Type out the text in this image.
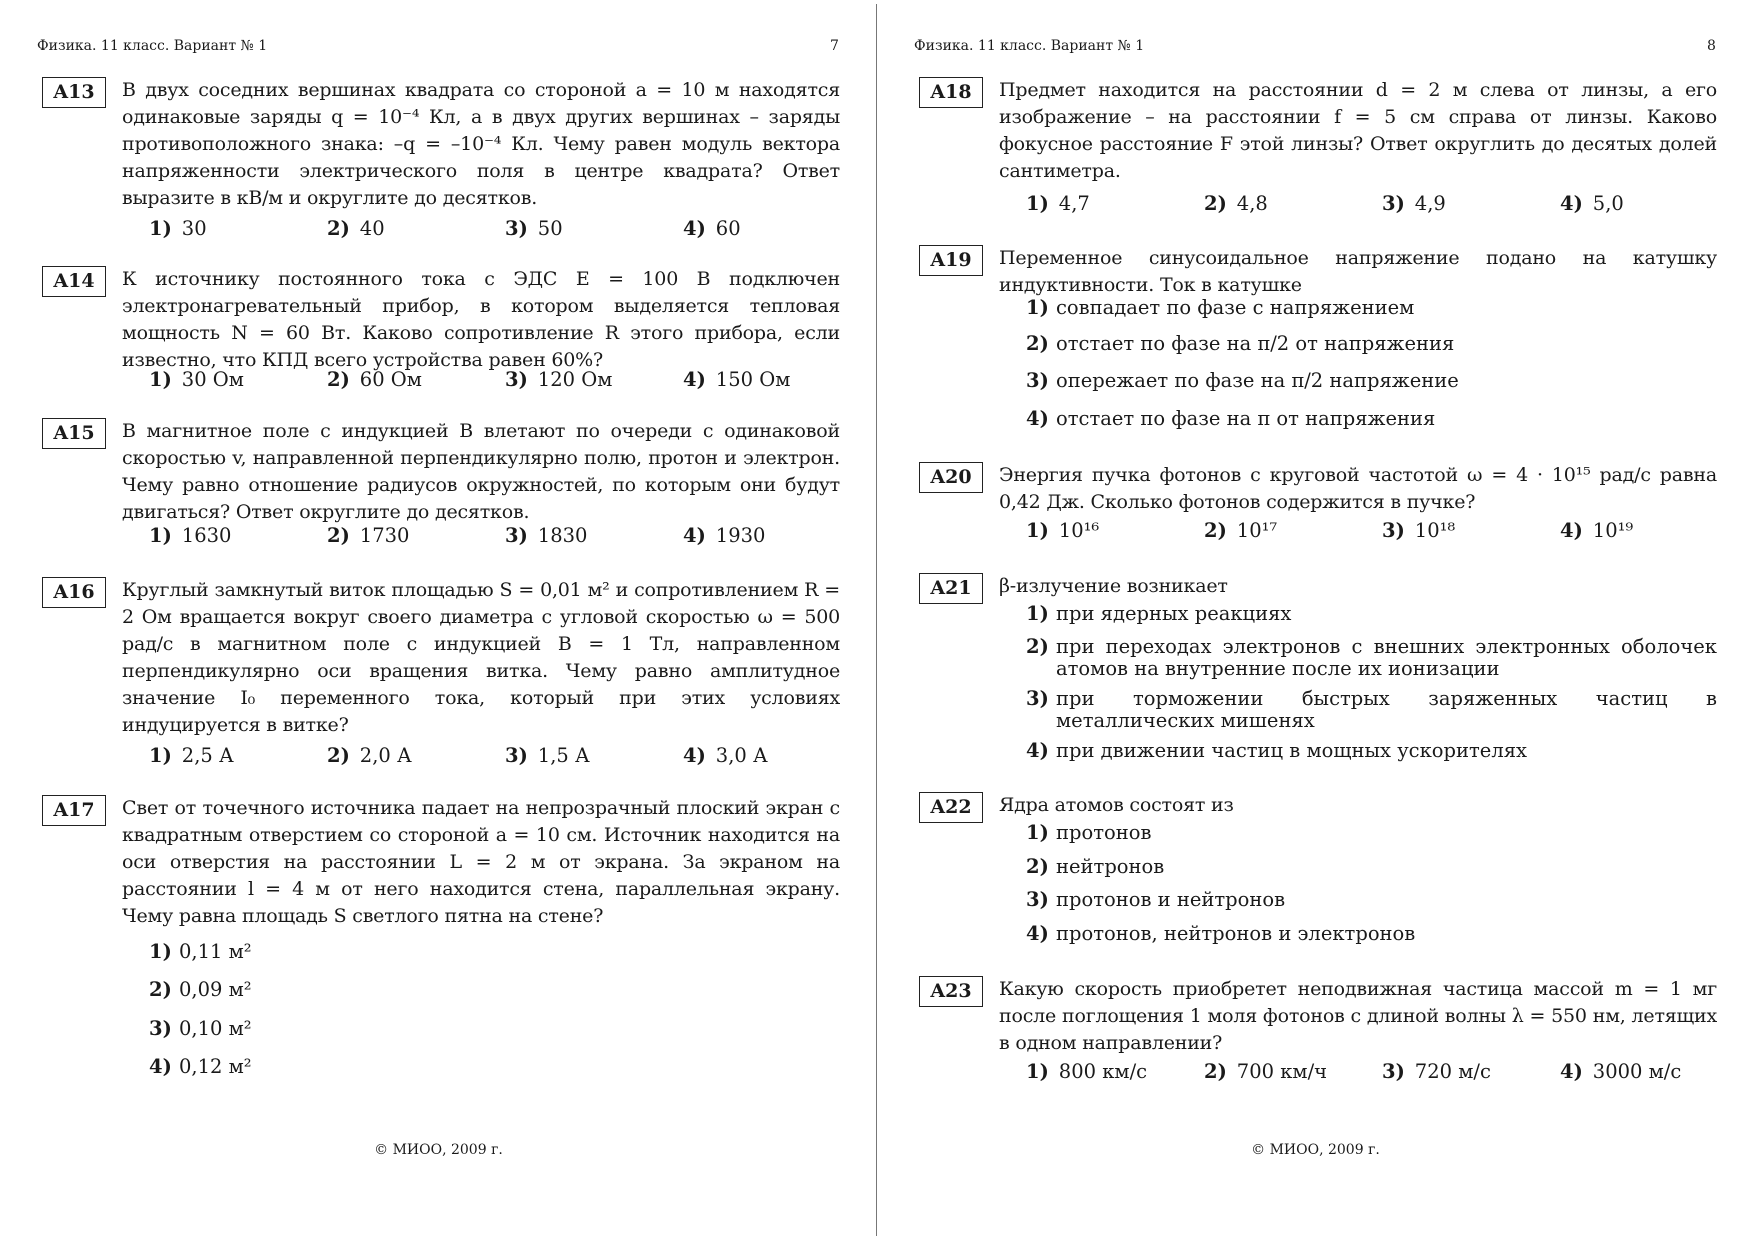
Физика. 11 класс. Вариант № 1	7
A13	В двух соседних вершинах квадрата со стороной a = 10 м находятся одинаковые заряды q = 10⁻⁴ Кл, а в двух других вершинах – заряды противоположного знака: –q = –10⁻⁴ Кл. Чему равен модуль вектора напряженности электрического поля в центре квадрата? Ответ выразите в кВ/м и округлите до десятков.
1) 30	2) 40	3) 50	4) 60
A14	К источнику постоянного тока с ЭДС Ε = 100 В подключен электронагревательный прибор, в котором выделяется тепловая мощность N = 60 Вт. Каково сопротивление R этого прибора, если известно, что КПД всего устройства равен 60%?
1) 30 Ом	2) 60 Ом	3) 120 Ом	4) 150 Ом
A15	В магнитное поле с индукцией B влетают по очереди с одинаковой скоростью v, направленной перпендикулярно полю, протон и электрон. Чему равно отношение радиусов окружностей, по которым они будут двигаться? Ответ округлите до десятков.
1) 1630	2) 1730	3) 1830	4) 1930
A16	Круглый замкнутый виток площадью S = 0,01 м² и сопротивлением R = 2 Ом вращается вокруг своего диаметра с угловой скоростью ω = 500 рад/с в магнитном поле с индукцией B = 1 Тл, направленном перпендикулярно оси вращения витка. Чему равно амплитудное значение I₀ переменного тока, который при этих условиях индуцируется в витке?
1) 2,5 А	2) 2,0 А	3) 1,5 А	4) 3,0 А
A17	Свет от точечного источника падает на непрозрачный плоский экран с квадратным отверстием со стороной a = 10 см. Источник находится на оси отверстия на расстоянии L = 2 м от экрана. За экраном на расстоянии l = 4 м от него находится стена, параллельная экрану. Чему равна площадь S светлого пятна на стене?
1) 0,11 м²
2) 0,09 м²
3) 0,10 м²
4) 0,12 м²
© МИОО, 2009 г.
Физика. 11 класс. Вариант № 1	8
A18	Предмет находится на расстоянии d = 2 м слева от линзы, а его изображение – на расстоянии f = 5 см справа от линзы. Каково фокусное расстояние F этой линзы? Ответ округлить до десятых долей сантиметра.
1) 4,7	2) 4,8	3) 4,9	4) 5,0
A19	Переменное синусоидальное напряжение подано на катушку индуктивности. Ток в катушке
1) совпадает по фазе с напряжением
2) отстает по фазе на π/2 от напряжения
3) опережает по фазе на π/2 напряжение
4) отстает по фазе на π от напряжения
A20	Энергия пучка фотонов с круговой частотой ω = 4 · 10¹⁵ рад/с равна 0,42 Дж. Сколько фотонов содержится в пучке?
1) 10¹⁶	2) 10¹⁷	3) 10¹⁸	4) 10¹⁹
A21	β-излучение возникает
1) при ядерных реакциях
2) при переходах электронов с внешних электронных оболочек атомов на внутренние после их ионизации
3) при торможении быстрых заряженных частиц в металлических мишенях
4) при движении частиц в мощных ускорителях
A22	Ядра атомов состоят из
1) протонов
2) нейтронов
3) протонов и нейтронов
4) протонов, нейтронов и электронов
A23	Какую скорость приобретет неподвижная частица массой m = 1 мг после поглощения 1 моля фотонов с длиной волны λ = 550 нм, летящих в одном направлении?
1) 800 км/с	2) 700 км/ч	3) 720 м/с	4) 3000 м/с
© МИОО, 2009 г.
